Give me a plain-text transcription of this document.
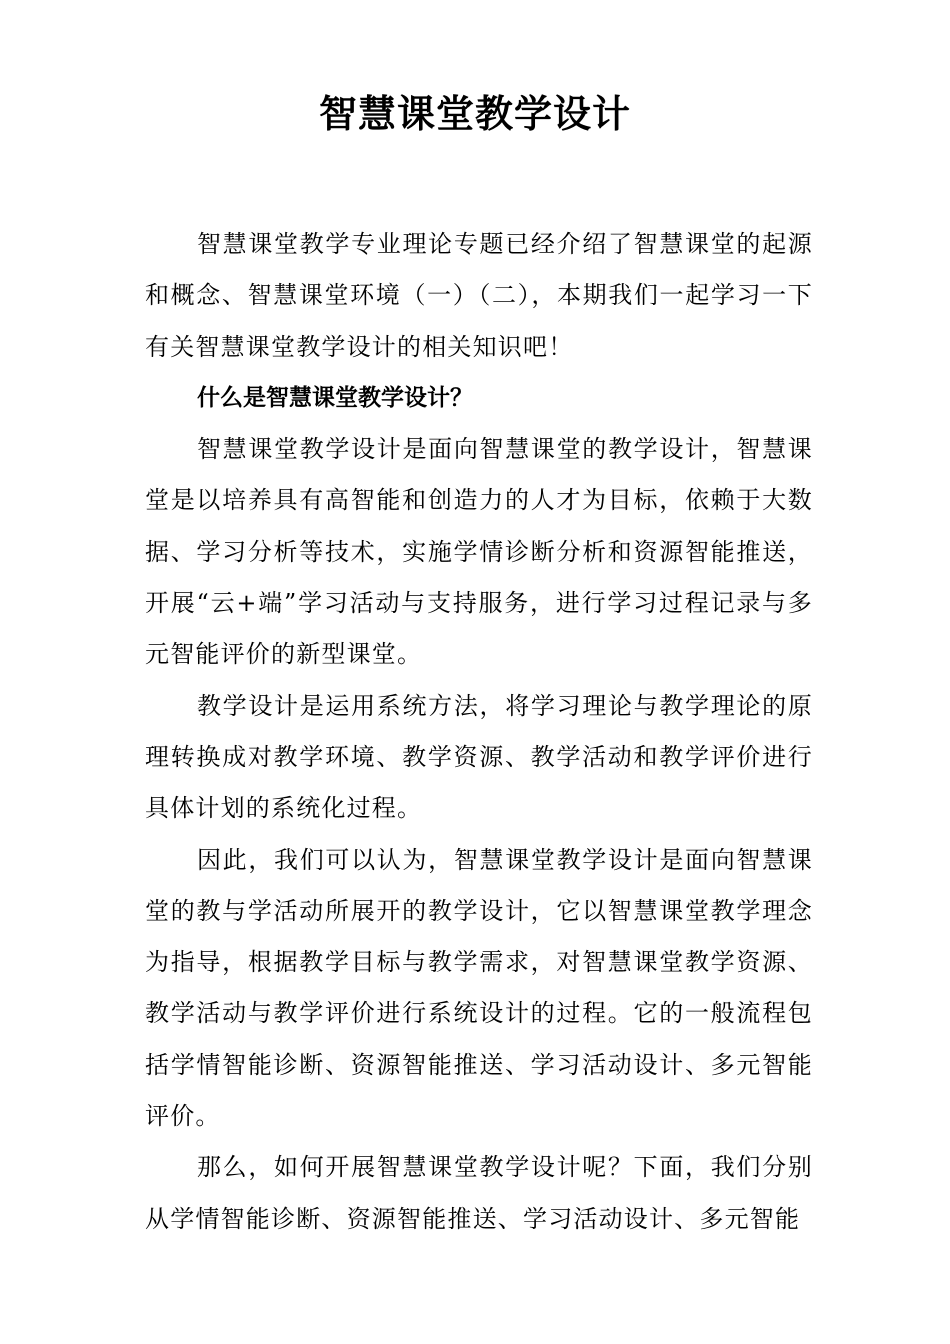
智慧课堂教学设计

智慧课堂教学专业理论专题已经介绍了智慧课堂的起源和概念、智慧课堂环境（一）（二），本期我们一起学习一下有关智慧课堂教学设计的相关知识吧！

什么是智慧课堂教学设计？

智慧课堂教学设计是面向智慧课堂的教学设计，智慧课堂是以培养具有高智能和创造力的人才为目标，依赖于大数据、学习分析等技术，实施学情诊断分析和资源智能推送，开展“云+端”学习活动与支持服务，进行学习过程记录与多元智能评价的新型课堂。

教学设计是运用系统方法，将学习理论与教学理论的原理转换成对教学环境、教学资源、教学活动和教学评价进行具体计划的系统化过程。

因此，我们可以认为，智慧课堂教学设计是面向智慧课堂的教与学活动所展开的教学设计，它以智慧课堂教学理念为指导，根据教学目标与教学需求，对智慧课堂教学资源、教学活动与教学评价进行系统设计的过程。它的一般流程包括学情智能诊断、资源智能推送、学习活动设计、多元智能评价。

那么，如何开展智慧课堂教学设计呢？下面，我们分别从学情智能诊断、资源智能推送、学习活动设计、多元智能
